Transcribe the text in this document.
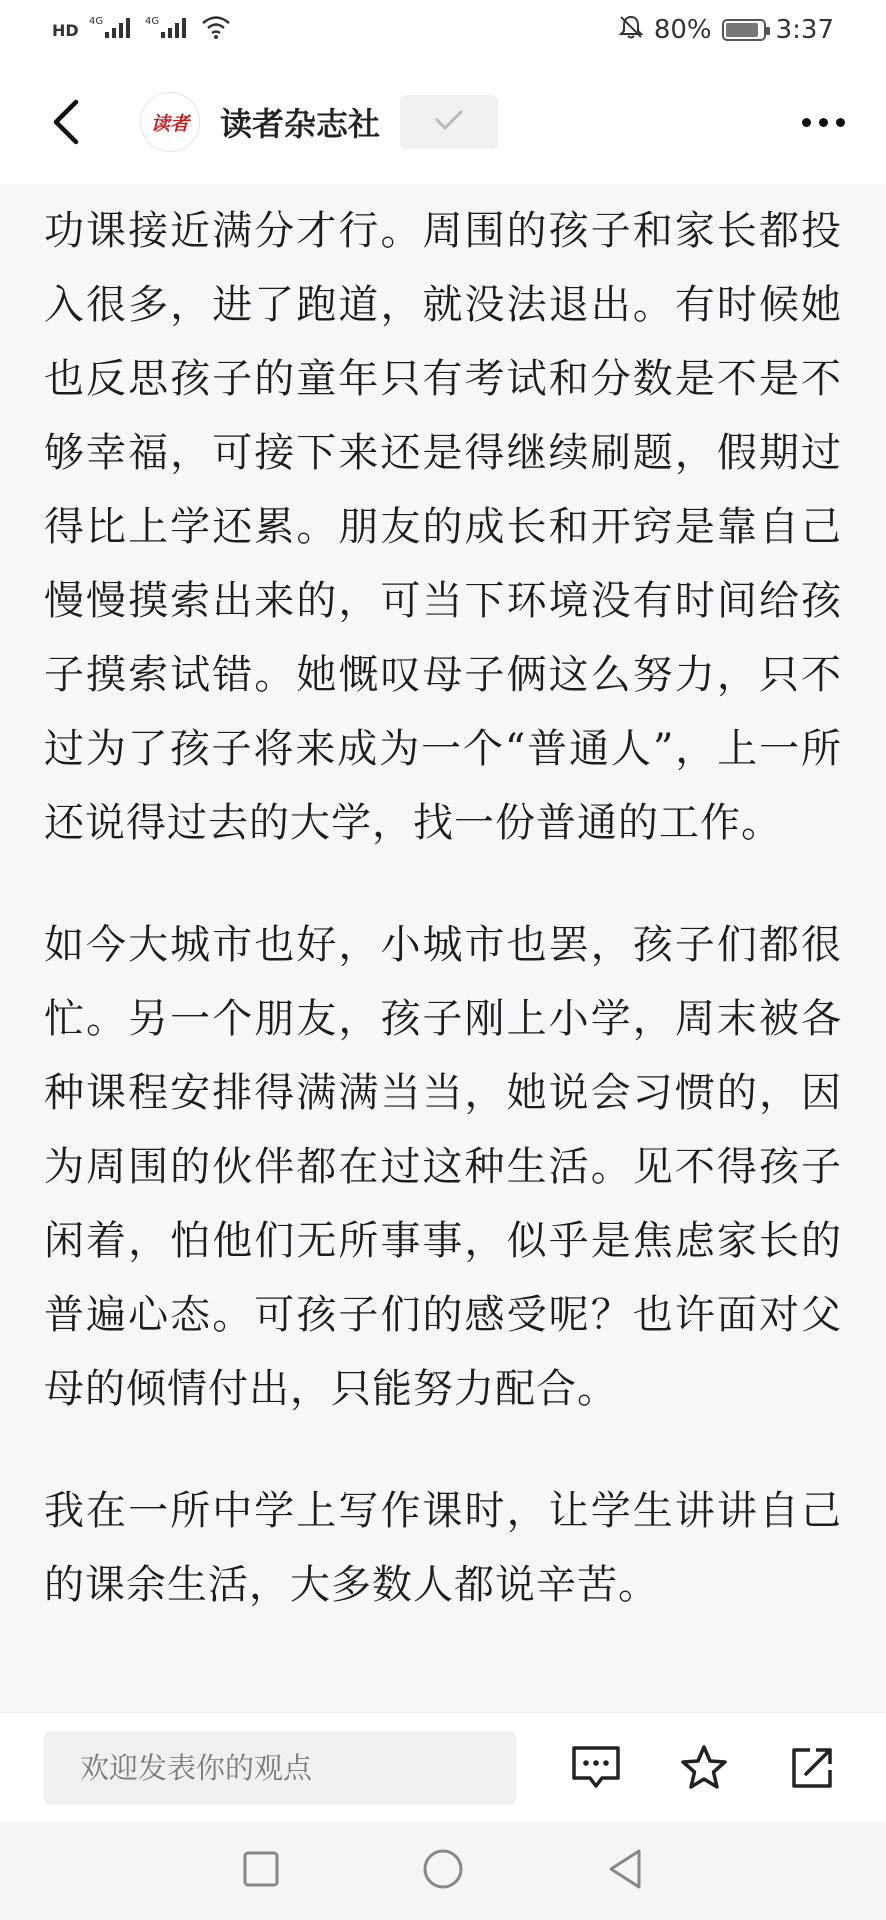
HD 4G	4G	80% 3:37
读者 读者杂志社

功课接近满分才行。周围的孩子和家长都投入很多，进了跑道，就没法退出。有时候她也反思孩子的童年只有考试和分数是不是不够幸福，可接下来还是得继续刷题，假期过得比上学还累。朋友的成长和开窍是靠自己慢慢摸索出来的，可当下环境没有时间给孩子摸索试错。她慨叹母子俩这么努力，只不过为了孩子将来成为一个“普通人”，上一所还说得过去的大学，找一份普通的工作。

如今大城市也好，小城市也罢，孩子们都很忙。另一个朋友，孩子刚上小学，周末被各种课程安排得满满当当，她说会习惯的，因为周围的伙伴都在过这种生活。见不得孩子闲着，怕他们无所事事，似乎是焦虑家长的普遍心态。可孩子们的感受呢？也许面对父母的倾情付出，只能努力配合。

我在一所中学上写作课时，让学生讲讲自己的课余生活，大多数人都说辛苦。

欢迎发表你的观点
